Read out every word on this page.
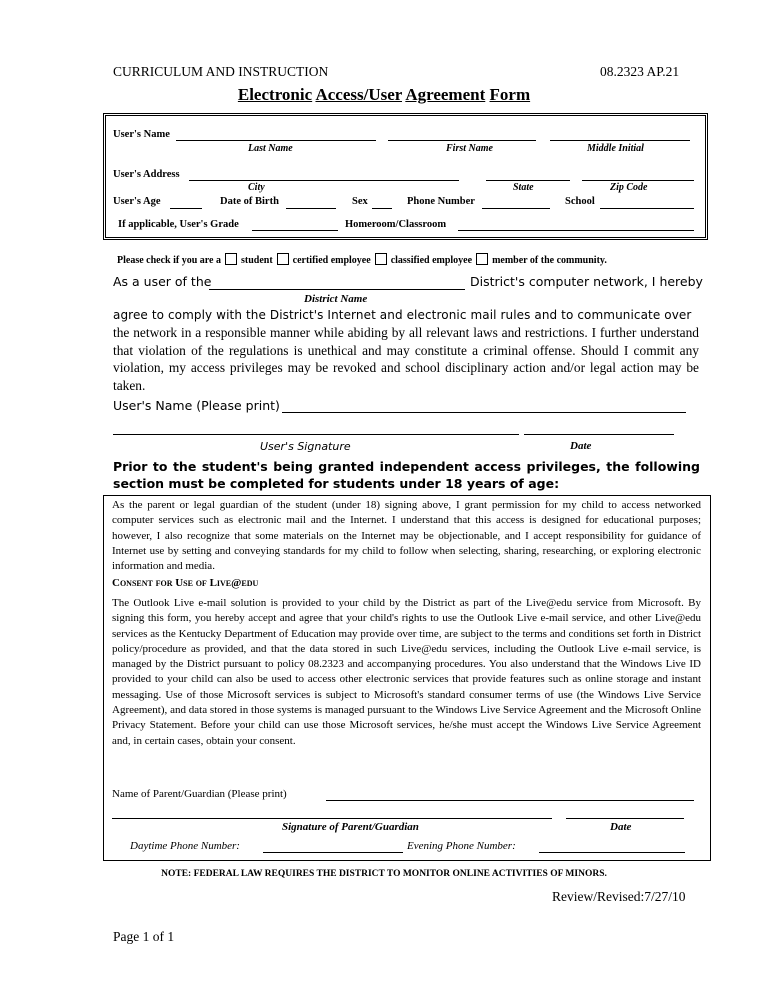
CURRICULUM AND INSTRUCTION	08.2323 AP.21
Electronic Access/User Agreement Form
User's Name
Last Name	First Name	Middle Initial
User's Address
City	State	Zip Code
User's Age	Date of Birth	Sex	Phone Number	School
If applicable, User's Grade	Homeroom/Classroom
Please check if you are a student certified employee classified employee member of the community.
As a user of the	District's computer network, I hereby
District Name
agree to comply with the District's Internet and electronic mail rules and to communicate over
the network in a responsible manner while abiding by all relevant laws and restrictions. I further understand that violation of the regulations is unethical and may constitute a criminal offense. Should I commit any violation, my access privileges may be revoked and school disciplinary action and/or legal action may be taken.
User's Name (Please print)
User's Signature	Date
Prior to the student's being granted independent access privileges, the following section must be completed for students under 18 years of age:
As the parent or legal guardian of the student (under 18) signing above, I grant permission for my child to access networked computer services such as electronic mail and the Internet. I understand that this access is designed for educational purposes; however, I also recognize that some materials on the Internet may be objectionable, and I accept responsibility for guidance of Internet use by setting and conveying standards for my child to follow when selecting, sharing, researching, or exploring electronic information and media.
Consent for Use of Live@edu
The Outlook Live e-mail solution is provided to your child by the District as part of the Live@edu service from Microsoft. By signing this form, you hereby accept and agree that your child's rights to use the Outlook Live e-mail service, and other Live@edu services as the Kentucky Department of Education may provide over time, are subject to the terms and conditions set forth in District policy/procedure as provided, and that the data stored in such Live@edu services, including the Outlook Live e-mail service, is managed by the District pursuant to policy 08.2323 and accompanying procedures. You also understand that the Windows Live ID provided to your child can also be used to access other electronic services that provide features such as online storage and instant messaging. Use of those Microsoft services is subject to Microsoft's standard consumer terms of use (the Windows Live Service Agreement), and data stored in those systems is managed pursuant to the Windows Live Service Agreement and the Microsoft Online Privacy Statement. Before your child can use those Microsoft services, he/she must accept the Windows Live Service Agreement and, in certain cases, obtain your consent.
Name of Parent/Guardian (Please print)
Signature of Parent/Guardian	Date
Daytime Phone Number:	Evening Phone Number:
NOTE: FEDERAL LAW REQUIRES THE DISTRICT TO MONITOR ONLINE ACTIVITIES OF MINORS.
Review/Revised:7/27/10
Page 1 of 1
